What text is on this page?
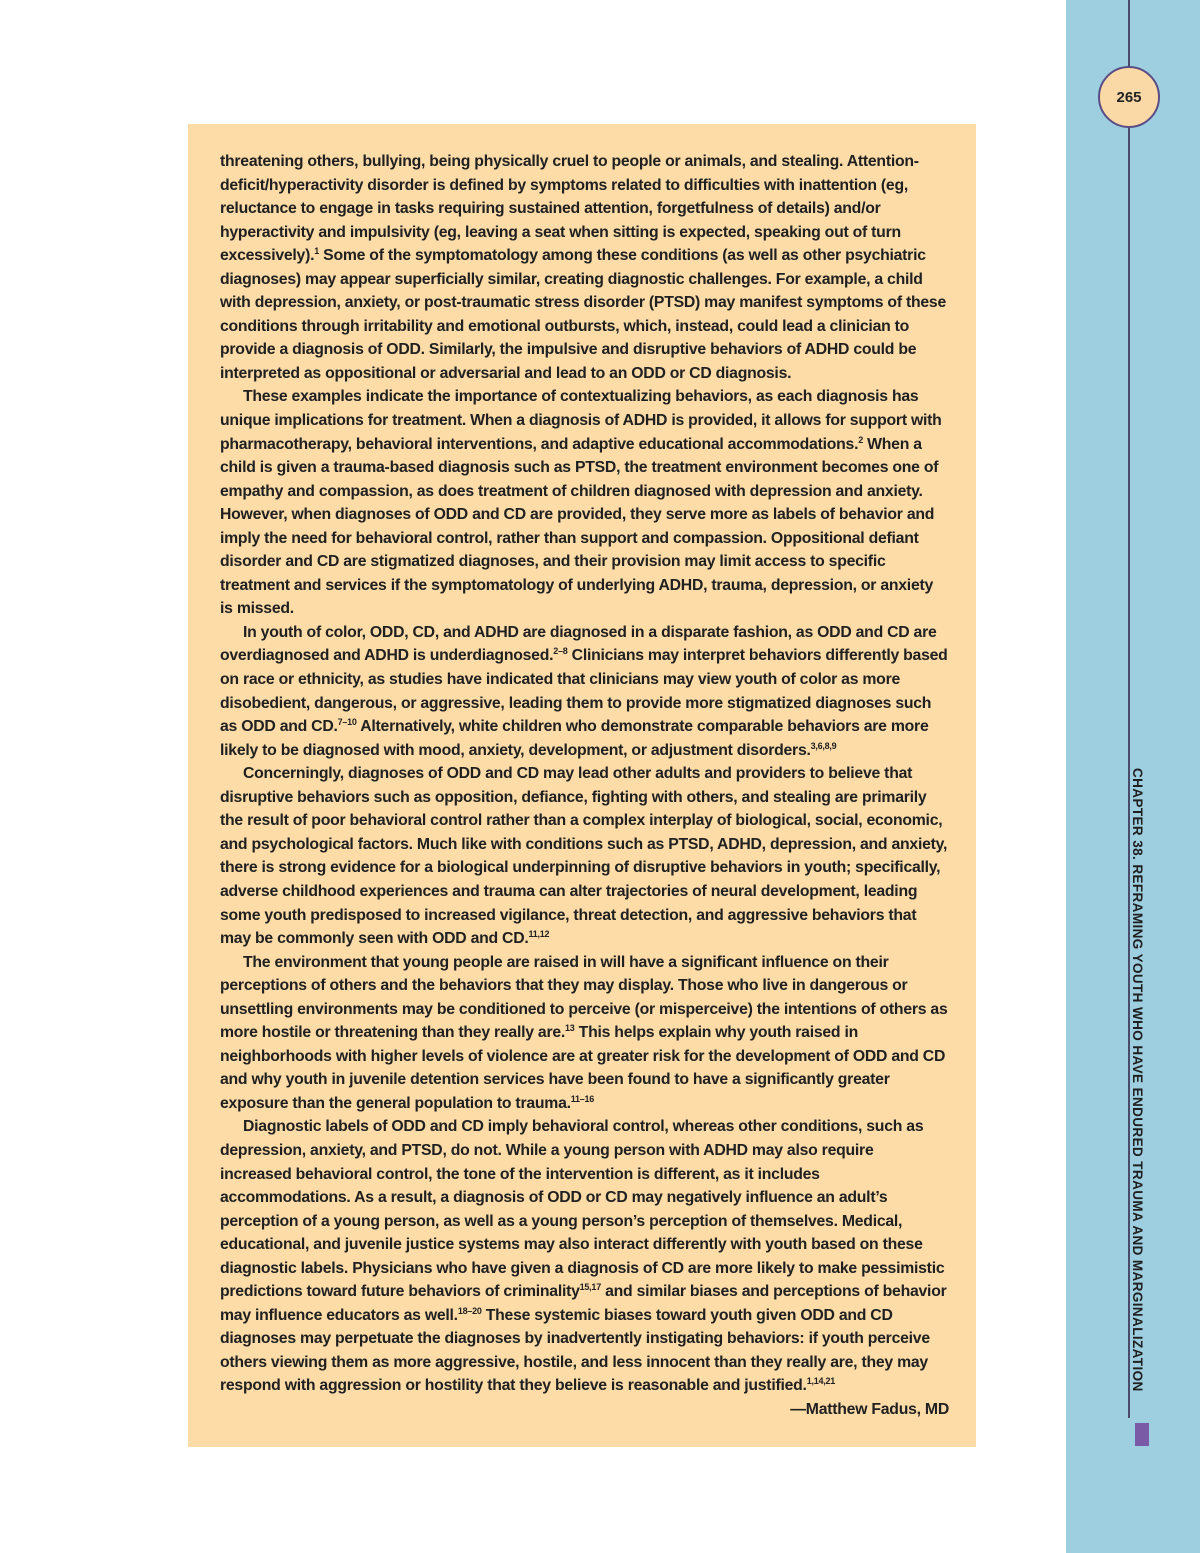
265
CHAPTER 38. REFRAMING YOUTH WHO HAVE ENDURED TRAUMA AND MARGINALIZATION

threatening others, bullying, being physically cruel to people or animals, and stealing. Attention-deficit/hyperactivity disorder is defined by symptoms related to difficulties with inattention (eg, reluctance to engage in tasks requiring sustained attention, forgetfulness of details) and/or hyperactivity and impulsivity (eg, leaving a seat when sitting is expected, speaking out of turn excessively).$^1$ Some of the symptomatology among these conditions (as well as other psychiatric diagnoses) may appear superficially similar, creating diagnostic challenges. For example, a child with depression, anxiety, or post-traumatic stress disorder (PTSD) may manifest symptoms of these conditions through irritability and emotional outbursts, which, instead, could lead a clinician to provide a diagnosis of ODD. Similarly, the impulsive and disruptive behaviors of ADHD could be interpreted as oppositional or adversarial and lead to an ODD or CD diagnosis.

These examples indicate the importance of contextualizing behaviors, as each diagnosis has unique implications for treatment. When a diagnosis of ADHD is provided, it allows for support with pharmacotherapy, behavioral interventions, and adaptive educational accommodations.$^2$ When a child is given a trauma-based diagnosis such as PTSD, the treatment environment becomes one of empathy and compassion, as does treatment of children diagnosed with depression and anxiety. However, when diagnoses of ODD and CD are provided, they serve more as labels of behavior and imply the need for behavioral control, rather than support and compassion. Oppositional defiant disorder and CD are stigmatized diagnoses, and their provision may limit access to specific treatment and services if the symptomatology of underlying ADHD, trauma, depression, or anxiety is missed.

In youth of color, ODD, CD, and ADHD are diagnosed in a disparate fashion, as ODD and CD are overdiagnosed and ADHD is underdiagnosed.$^{2-8}$ Clinicians may interpret behaviors differently based on race or ethnicity, as studies have indicated that clinicians may view youth of color as more disobedient, dangerous, or aggressive, leading them to provide more stigmatized diagnoses such as ODD and CD.$^{7-10}$ Alternatively, white children who demonstrate comparable behaviors are more likely to be diagnosed with mood, anxiety, development, or adjustment disorders.$^{3,6,8,9}$

Concerningly, diagnoses of ODD and CD may lead other adults and providers to believe that disruptive behaviors such as opposition, defiance, fighting with others, and stealing are primarily the result of poor behavioral control rather than a complex interplay of biological, social, economic, and psychological factors. Much like with conditions such as PTSD, ADHD, depression, and anxiety, there is strong evidence for a biological underpinning of disruptive behaviors in youth; specifically, adverse childhood experiences and trauma can alter trajectories of neural development, leading some youth predisposed to increased vigilance, threat detection, and aggressive behaviors that may be commonly seen with ODD and CD.$^{11,12}$

The environment that young people are raised in will have a significant influence on their perceptions of others and the behaviors that they may display. Those who live in dangerous or unsettling environments may be conditioned to perceive (or misperceive) the intentions of others as more hostile or threatening than they really are.$^{13}$ This helps explain why youth raised in neighborhoods with higher levels of violence are at greater risk for the development of ODD and CD and why youth in juvenile detention services have been found to have a significantly greater exposure than the general population to trauma.$^{11-16}$

Diagnostic labels of ODD and CD imply behavioral control, whereas other conditions, such as depression, anxiety, and PTSD, do not. While a young person with ADHD may also require increased behavioral control, the tone of the intervention is different, as it includes accommodations. As a result, a diagnosis of ODD or CD may negatively influence an adult’s perception of a young person, as well as a young person’s perception of themselves. Medical, educational, and juvenile justice systems may also interact differently with youth based on these diagnostic labels. Physicians who have given a diagnosis of CD are more likely to make pessimistic predictions toward future behaviors of criminality$^{15,17}$ and similar biases and perceptions of behavior may influence educators as well.$^{18-20}$ These systemic biases toward youth given ODD and CD diagnoses may perpetuate the diagnoses by inadvertently instigating behaviors: if youth perceive others viewing them as more aggressive, hostile, and less innocent than they really are, they may respond with aggression or hostility that they believe is reasonable and justified.$^{1,14,21}$

—Matthew Fadus, MD
